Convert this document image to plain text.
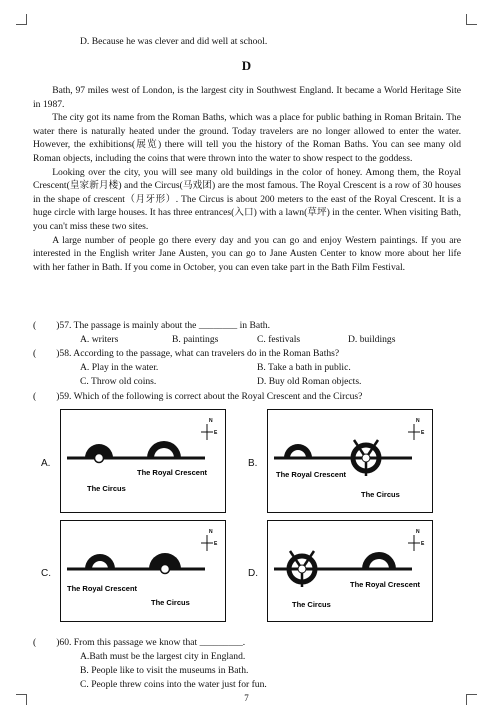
D. Because he was clever and did well at school.
D

Bath, 97 miles west of London, is the largest city in Southwest England. It became a World Heritage Site in 1987.

The city got its name from the Roman Baths, which was a place for public bathing in Roman Britain. The water there is naturally heated under the ground. Today travelers are no longer allowed to enter the water. However, the exhibitions(展览) there will tell you the history of the Roman Baths. You can see many old Roman objects, including the coins that were thrown into the water to show respect to the goddess.

Looking over the city, you will see many old buildings in the color of honey. Among them, the Royal Crescent(皇家新月楼) and the Circus(马戏团) are the most famous. The Royal Crescent is a row of 30 houses in the shape of crescent（月牙形）. The Circus is about 200 meters to the east of the Royal Crescent. It is a huge circle with large houses. It has three entrances(入口) with a lawn(草坪) in the center. When visiting Bath, you can't miss these two sites.

A large number of people go there every day and you can go and enjoy Western paintings. If you are interested in the English writer Jane Austen, you can go to Jane Austen Center to know more about her life with her father in Bath. If you come in October, you can even take part in the Bath Film Festival.

( )57. The passage is mainly about the ________ in Bath.
A. writers	B. paintings	C. festivals	D. buildings
( )58. According to the passage, what can travelers do in the Roman Baths?
A. Play in the water.	B. Take a bath in public.
C. Throw old coins.	D. Buy old Roman objects.
( )59. Which of the following is correct about the Royal Crescent and the Circus?
A.
N
E
The Royal Crescent
The Circus
B.
N
E
The Royal Crescent
The Circus
C.
N
E
The Royal Crescent
The Circus
D.
N
E
The Royal Crescent
The Circus
( )60. From this passage we know that _________.
A.Bath must be the largest city in England.
B. People like to visit the museums in Bath.
C. People threw coins into the water just for fun.
7
